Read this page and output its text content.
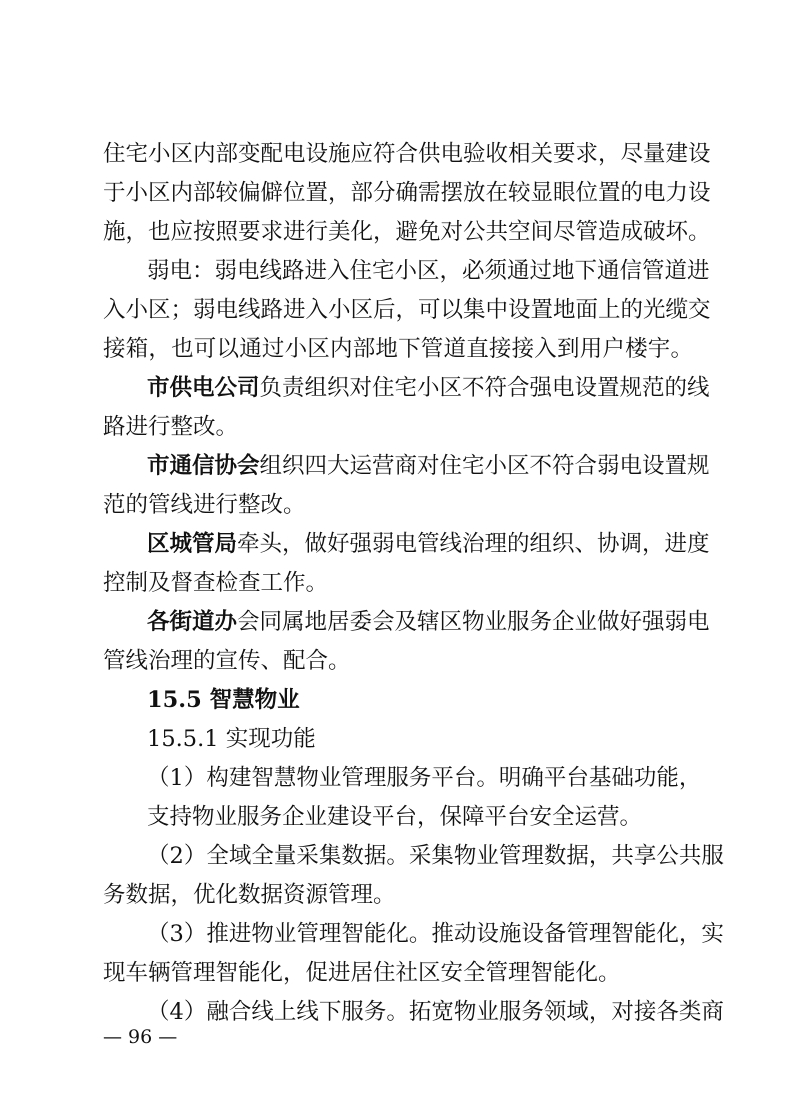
住宅小区内部变配电设施应符合供电验收相关要求，尽量建设
于小区内部较偏僻位置，部分确需摆放在较显眼位置的电力设
施，也应按照要求进行美化，避免对公共空间尽管造成破坏。
弱电：弱电线路进入住宅小区，必须通过地下通信管道进
入小区；弱电线路进入小区后，可以集中设置地面上的光缆交
接箱，也可以通过小区内部地下管道直接接入到用户楼宇。
市供电公司负责组织对住宅小区不符合强电设置规范的线
路进行整改。
市通信协会组织四大运营商对住宅小区不符合弱电设置规
范的管线进行整改。
区城管局牵头，做好强弱电管线治理的组织、协调，进度
控制及督查检查工作。
各街道办会同属地居委会及辖区物业服务企业做好强弱电
管线治理的宣传、配合。
15.5 智慧物业
15.5.1 实现功能
（1）构建智慧物业管理服务平台。明确平台基础功能，
支持物业服务企业建设平台，保障平台安全运营。
（2）全域全量采集数据。采集物业管理数据，共享公共服
务数据，优化数据资源管理。
（3）推进物业管理智能化。推动设施设备管理智能化，实
现车辆管理智能化，促进居住社区安全管理智能化。
（4）融合线上线下服务。拓宽物业服务领域，对接各类商
— 96 —
